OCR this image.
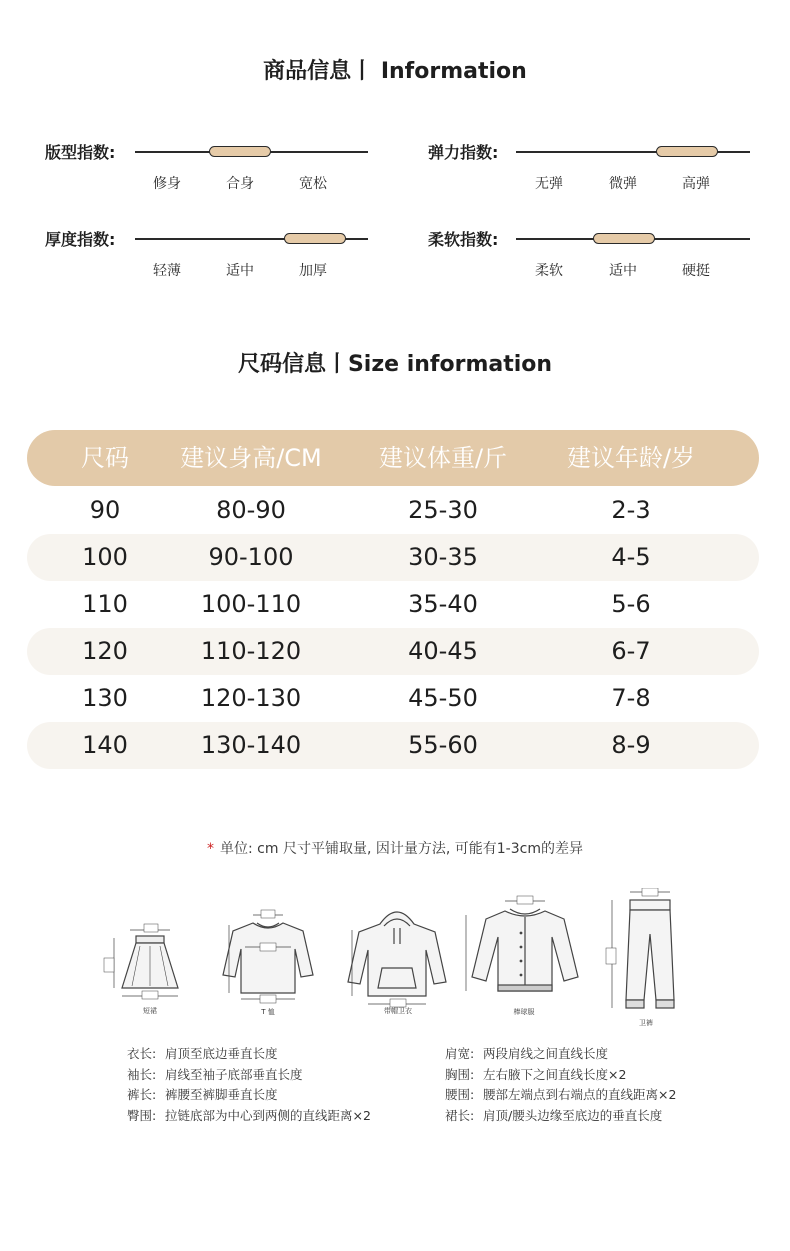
商品信息丨 Information
版型指数:
修身	合身	宽松
弹力指数:
无弹	微弹	高弹
厚度指数:
轻薄	适中	加厚
柔软指数:
柔软	适中	硬挺
尺码信息丨Size information
尺码	建议身高/CM	建议体重/斤	建议年龄/岁
90	80-90	25-30	2-3
100	90-100	30-35	4-5
110	100-110	35-40	5-6
120	110-120	40-45	6-7
130	120-130	45-50	7-8
140	130-140	55-60	8-9
* 单位: cm 尺寸平铺取量, 因计量方法, 可能有1-3cm的差异
短裙	T 恤	带帽卫衣	棒球服
卫裤
衣长: 肩顶至底边垂直长度
袖长: 肩线至袖子底部垂直长度
裤长: 裤腰至裤脚垂直长度
臀围: 拉链底部为中心到两侧的直线距离×2
肩宽: 两段肩线之间直线长度
胸围: 左右腋下之间直线长度×2
腰围: 腰部左端点到右端点的直线距离×2
裙长: 肩顶/腰头边缘至底边的垂直长度
